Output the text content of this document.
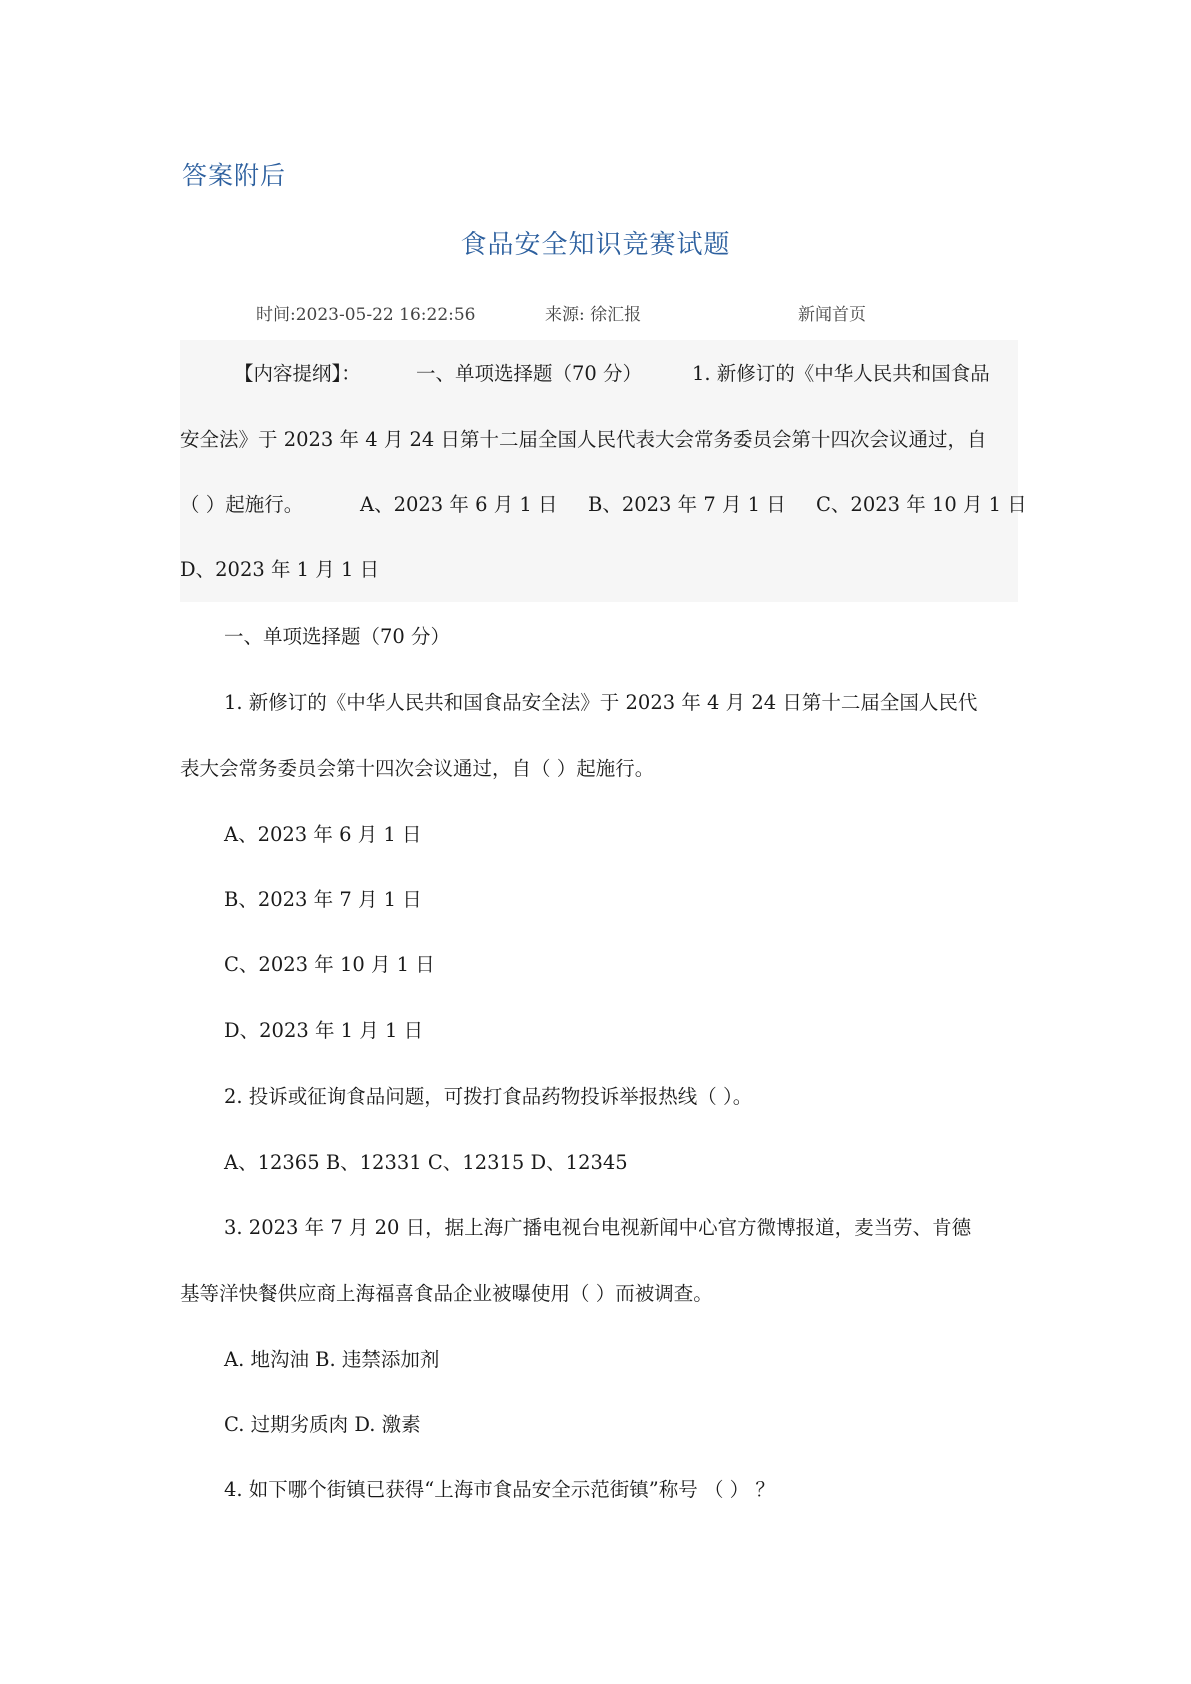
答案附后
食品安全知识竞赛试题
时间:2023-05-22 16:22:56	来源: 徐汇报	新闻首页
【内容提纲】：	一、单项选择题（70 分）	1. 新修订的《中华人民共和国食品
安全法》于 2023 年 4 月 24 日第十二届全国人民代表大会常务委员会第十四次会议通过，自
（ ）起施行。	A、2023 年 6 月 1 日 B、2023 年 7 月 1 日 C、2023 年 10 月 1 日
D、2023 年 1 月 1 日
一、单项选择题（70 分）
1. 新修订的《中华人民共和国食品安全法》于 2023 年 4 月 24 日第十二届全国人民代
表大会常务委员会第十四次会议通过，自（ ）起施行。
A、2023 年 6 月 1 日
B、2023 年 7 月 1 日
C、2023 年 10 月 1 日
D、2023 年 1 月 1 日
2. 投诉或征询食品问题，可拨打食品药物投诉举报热线（ ）。
A、12365 B、12331 C、12315 D、12345
3. 2023 年 7 月 20 日，据上海广播电视台电视新闻中心官方微博报道，麦当劳、肯德
基等洋快餐供应商上海福喜食品企业被曝使用（ ）而被调查。
A. 地沟油 B. 违禁添加剂
C. 过期劣质肉 D. 激素
4. 如下哪个街镇已获得“上海市食品安全示范街镇”称号 （ ） ？
